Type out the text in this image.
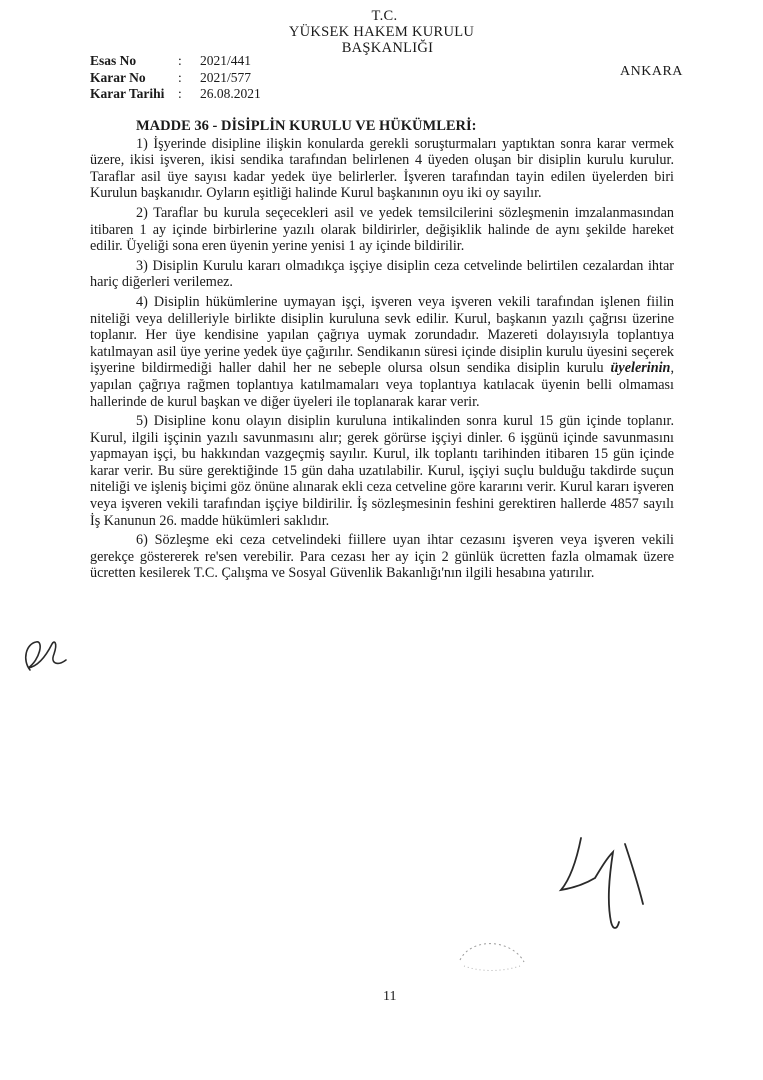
T.C.
YÜKSEK HAKEM KURULU
BAŞKANLIĞI
Esas No	:	2021/441
Karar No	:	2021/577
Karar Tarihi	:	26.08.2021
ANKARA
MADDE 36 - DİSİPLİN KURULU VE HÜKÜMLERİ:

1) İşyerinde disipline ilişkin konularda gerekli soruşturmaları yaptıktan sonra karar vermek üzere, ikisi işveren, ikisi sendika tarafından belirlenen 4 üyeden oluşan bir disiplin kurulu kurulur. Taraflar asil üye sayısı kadar yedek üye belirlerler. İşveren tarafından tayin edilen üyelerden biri Kurulun başkanıdır. Oyların eşitliği halinde Kurul başkanının oyu iki oy sayılır.

2) Taraflar bu kurula seçecekleri asil ve yedek temsilcilerini sözleşmenin imzalanmasından itibaren 1 ay içinde birbirlerine yazılı olarak bildirirler, değişiklik halinde de aynı şekilde hareket edilir. Üyeliği sona eren üyenin yerine yenisi 1 ay içinde bildirilir.

3) Disiplin Kurulu kararı olmadıkça işçiye disiplin ceza cetvelinde belirtilen cezalardan ihtar hariç diğerleri verilemez.

4) Disiplin hükümlerine uymayan işçi, işveren veya işveren vekili tarafından işlenen fiilin niteliği veya delilleriyle birlikte disiplin kuruluna sevk edilir. Kurul, başkanın yazılı çağrısı üzerine toplanır. Her üye kendisine yapılan çağrıya uymak zorundadır. Mazereti dolayısıyla toplantıya katılmayan asil üye yerine yedek üye çağırılır. Sendikanın süresi içinde disiplin kurulu üyesini seçerek işyerine bildirmediği haller dahil her ne sebeple olursa olsun sendika disiplin kurulu üyelerinin, yapılan çağrıya rağmen toplantıya katılmamaları veya toplantıya katılacak üyenin belli olmaması hallerinde de kurul başkan ve diğer üyeleri ile toplanarak karar verir.

5) Disipline konu olayın disiplin kuruluna intikalinden sonra kurul 15 gün içinde toplanır. Kurul, ilgili işçinin yazılı savunmasını alır; gerek görürse işçiyi dinler. 6 işgünü içinde savunmasını yapmayan işçi, bu hakkından vazgeçmiş sayılır. Kurul, ilk toplantı tarihinden itibaren 15 gün içinde karar verir. Bu süre gerektiğinde 15 gün daha uzatılabilir. Kurul, işçiyi suçlu bulduğu takdirde suçun niteliği ve işleniş biçimi göz önüne alınarak ekli ceza cetveline göre kararını verir. Kurul kararı işveren veya işveren vekili tarafından işçiye bildirilir. İş sözleşmesinin feshini gerektiren hallerde 4857 sayılı İş Kanunun 26. madde hükümleri saklıdır.

6) Sözleşme eki ceza cetvelindeki fiillere uyan ihtar cezasını işveren veya işveren vekili gerekçe göstererek re'sen verebilir. Para cezası her ay için 2 günlük ücretten fazla olmamak üzere ücretten kesilerek T.C. Çalışma ve Sosyal Güvenlik Bakanlığı'nın ilgili hesabına yatırılır.

11
